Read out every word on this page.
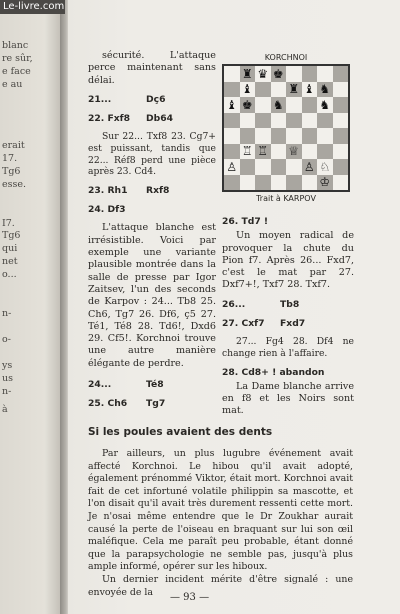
blanc
re sûr,
e face
e au
erait
17.
Tg6
esse.
I7.
Tg6
qui
net
o...
n-
o-
ys
us
n-
à
Le-livre.com

sécurité. L'attaque perce maintenant sans délai.

21...	Dç6
22. Fxf8	Db64

Sur 22... Txf8 23. Cg7+ est puissant, tandis que 22... Réf8 perd une pièce après 23. Cd4.

23. Rh1	Rxf8
24. Df3

L'attaque blanche est irrésistible. Voici par exemple une variante plausible montrée dans la salle de presse par Igor Zaitsev, l'un des seconds de Karpov : 24... Tb8 25. Ch6, Tg7 26. Df6, ç5 27. Té1, Té8 28. Td6!, Dxd6 29. Cf5!. Korchnoi trouve une autre manière élégante de perdre.

24...	Té8
25. Ch6	Tg7
KORCHNOI
♜ ♛ ♚
♝	♜ ♝ ♞
♝ ♚ ♞	♞
♖ ♖ ♕
♙	♙ ♘
♔
Trait à KARPOV
26. Td7 !

Un moyen radical de provoquer la chute du Pion f7. Après 26... Fxd7, c'est le mat par 27. Dxf7+!, Txf7 28. Txf7.

26...	Tb8
27. Cxf7	Fxd7

27... Fg4 28. Df4 ne change rien à l'affaire.

28. Cd8+ ! abandon

La Dame blanche arrive en f8 et les Noirs sont mat.

Si les poules avaient des dents

Par ailleurs, un plus lugubre événement avait affecté Korchnoi. Le hibou qu'il avait adopté, également prénommé Viktor, était mort. Korchnoi avait fait de cet infortuné volatile philippin sa mascotte, et l'on disait qu'il avait très durement ressenti cette mort. Je n'osai même entendre que le Dr Zoukhar aurait causé la perte de l'oiseau en braquant sur lui son œil maléfique. Cela me paraît peu probable, étant donné que la parapsychologie ne semble pas, jusqu'à plus ample informé, opérer sur les hiboux.

Un dernier incident mérite d'être signalé : une envoyée de la	— 93 —
